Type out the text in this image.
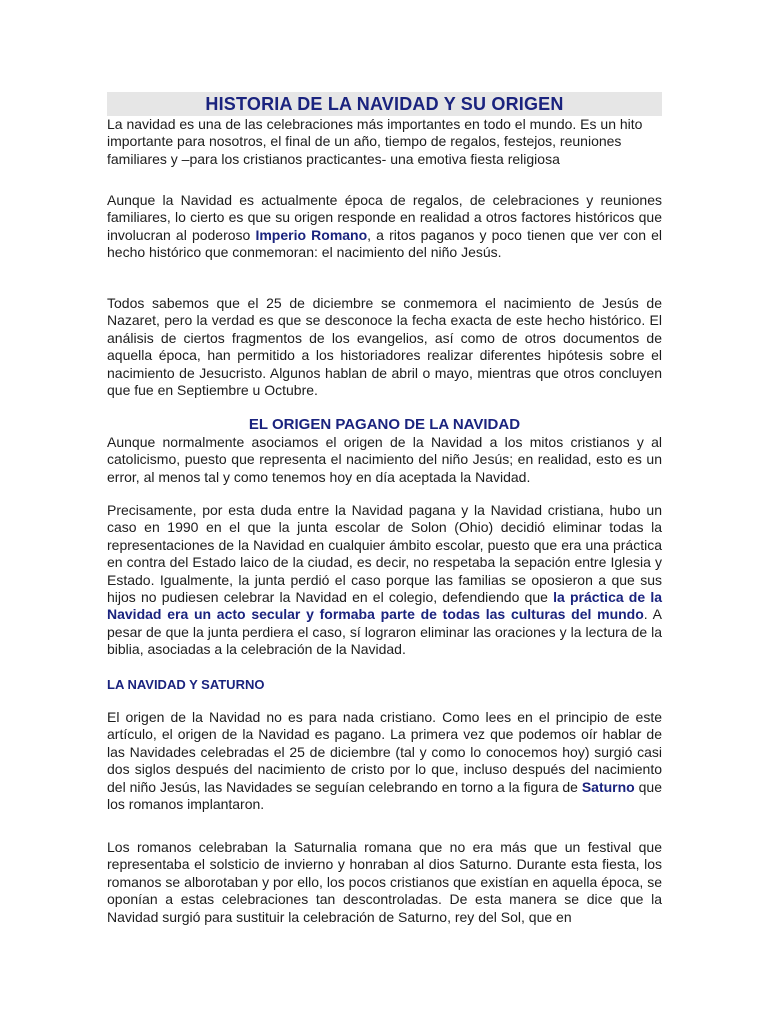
HISTORIA DE LA NAVIDAD Y SU ORIGEN

La navidad es una de las celebraciones más importantes en todo el mundo. Es un hito importante para nosotros, el final de un año, tiempo de regalos, festejos, reuniones familiares y –para los cristianos practicantes- una emotiva fiesta religiosa

Aunque la Navidad es actualmente época de regalos, de celebraciones y reuniones familiares, lo cierto es que su origen responde en realidad a otros factores históricos que involucran al poderoso Imperio Romano, a ritos paganos y poco tienen que ver con el hecho histórico que conmemoran: el nacimiento del niño Jesús.

Todos sabemos que el 25 de diciembre se conmemora el nacimiento de Jesús de Nazaret, pero la verdad es que se desconoce la fecha exacta de este hecho histórico. El análisis de ciertos fragmentos de los evangelios, así como de otros documentos de aquella época, han permitido a los historiadores realizar diferentes hipótesis sobre el nacimiento de Jesucristo. Algunos hablan de abril o mayo, mientras que otros concluyen que fue en Septiembre u Octubre.

EL ORIGEN PAGANO DE LA NAVIDAD

Aunque normalmente asociamos el origen de la Navidad a los mitos cristianos y al catolicismo, puesto que representa el nacimiento del niño Jesús; en realidad, esto es un error, al menos tal y como tenemos hoy en día aceptada la Navidad.

Precisamente, por esta duda entre la Navidad pagana y la Navidad cristiana, hubo un caso en 1990 en el que la junta escolar de Solon (Ohio) decidió eliminar todas la representaciones de la Navidad en cualquier ámbito escolar, puesto que era una práctica en contra del Estado laico de la ciudad, es decir, no respetaba la sepación entre Iglesia y Estado. Igualmente, la junta perdió el caso porque las familias se oposieron a que sus hijos no pudiesen celebrar la Navidad en el colegio, defendiendo que la práctica de la Navidad era un acto secular y formaba parte de todas las culturas del mundo. A pesar de que la junta perdiera el caso, sí lograron eliminar las oraciones y la lectura de la biblia, asociadas a la celebración de la Navidad.

LA NAVIDAD Y SATURNO

El origen de la Navidad no es para nada cristiano. Como lees en el principio de este artículo, el origen de la Navidad es pagano. La primera vez que podemos oír hablar de las Navidades celebradas el 25 de diciembre (tal y como lo conocemos hoy) surgió casi dos siglos después del nacimiento de cristo por lo que, incluso después del nacimiento del niño Jesús, las Navidades se seguían celebrando en torno a la figura de Saturno que los romanos implantaron.

Los romanos celebraban la Saturnalia romana que no era más que un festival que representaba el solsticio de invierno y honraban al dios Saturno. Durante esta fiesta, los romanos se alborotaban y por ello, los pocos cristianos que existían en aquella época, se oponían a estas celebraciones tan descontroladas. De esta manera se dice que la Navidad surgió para sustituir la celebración de Saturno, rey del Sol, que en
